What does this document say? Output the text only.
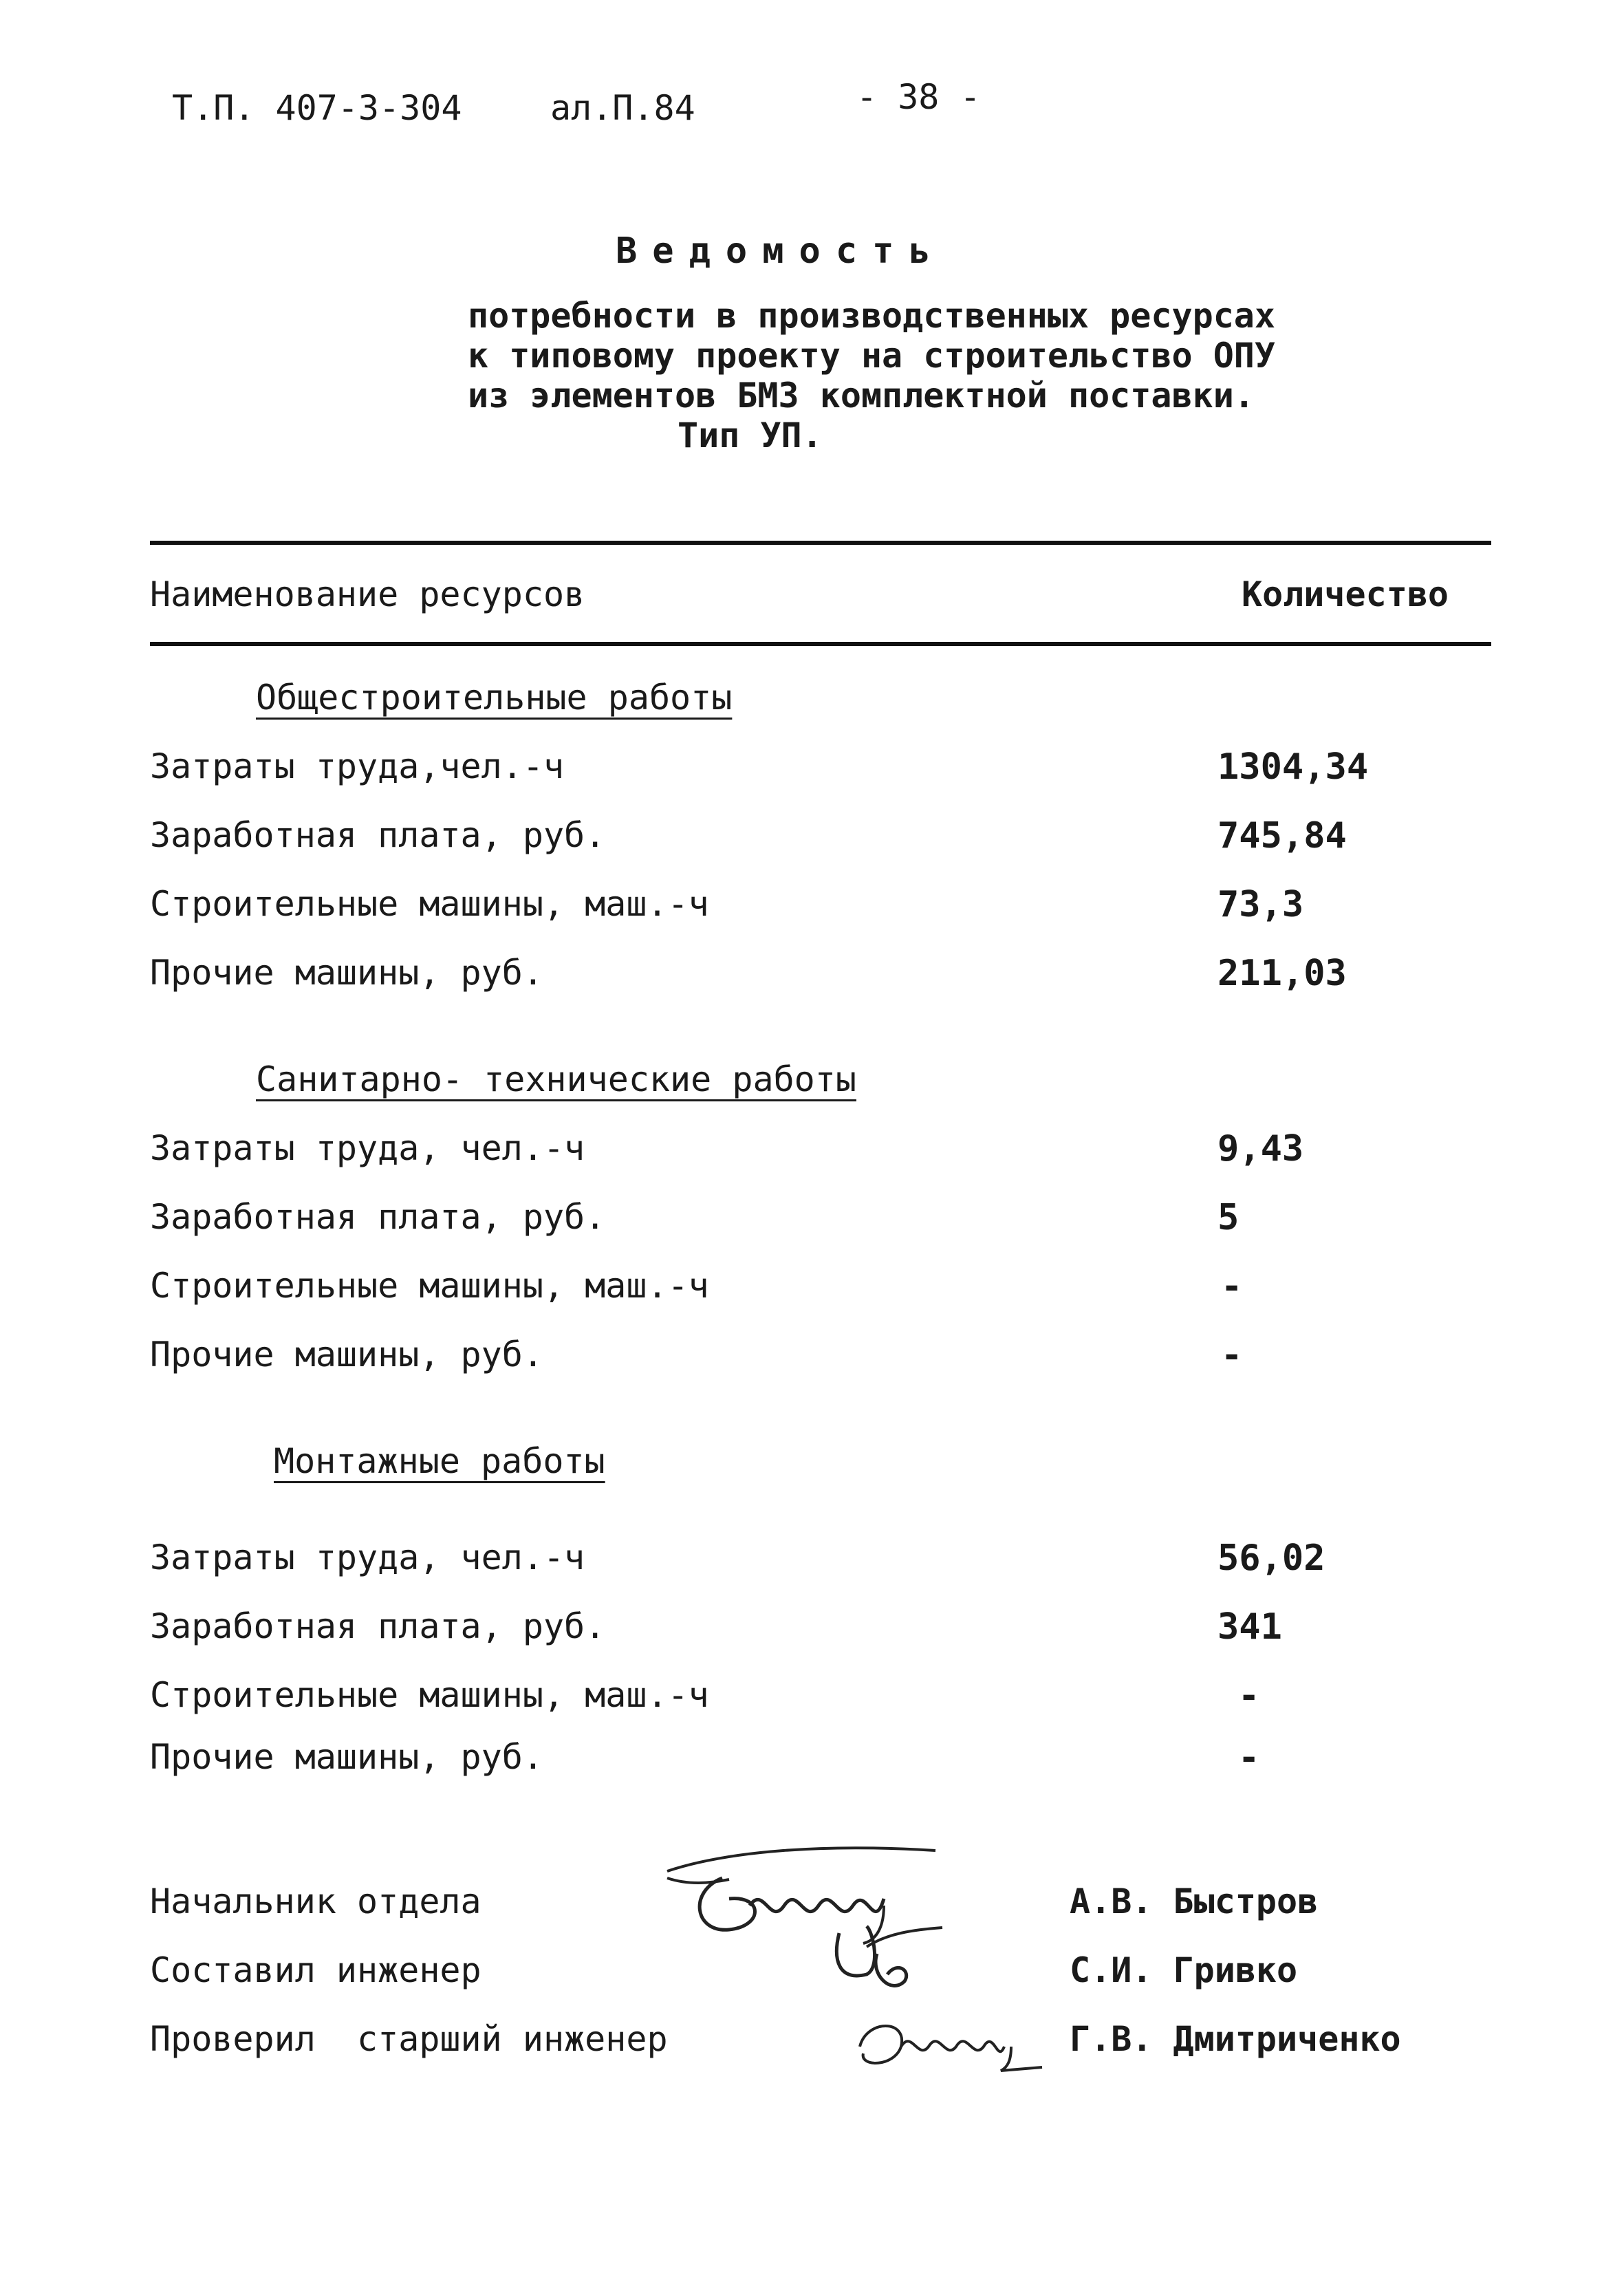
Т.П. 407-3-304	ал.П.84	- 38 -
Ведомость
потребности в производственных ресурсах
к типовому проекту на строительство ОПУ
из элементов БМЗ комплектной поставки.
Тип УП.
Наименование ресурсов	Количество
Общестроительные работы
Затраты труда,чел.-ч	1304,34
Заработная плата, руб.	745,84
Строительные машины, маш.-ч	73,3
Прочие машины, руб.	211,03
Санитарно- технические работы
Затраты труда, чел.-ч	9,43
Заработная плата, руб.	5
Строительные машины, маш.-ч	-
Прочие машины, руб.	-
Монтажные работы
Затраты труда, чел.-ч	56,02
Заработная плата, руб.	341
Строительные машины, маш.-ч	-
Прочие машины, руб.	-
Начальник отдела	А.В. Быстров
Составил инженер	С.И. Гривко
Проверил  старший инженер	Г.В. Дмитриченко
